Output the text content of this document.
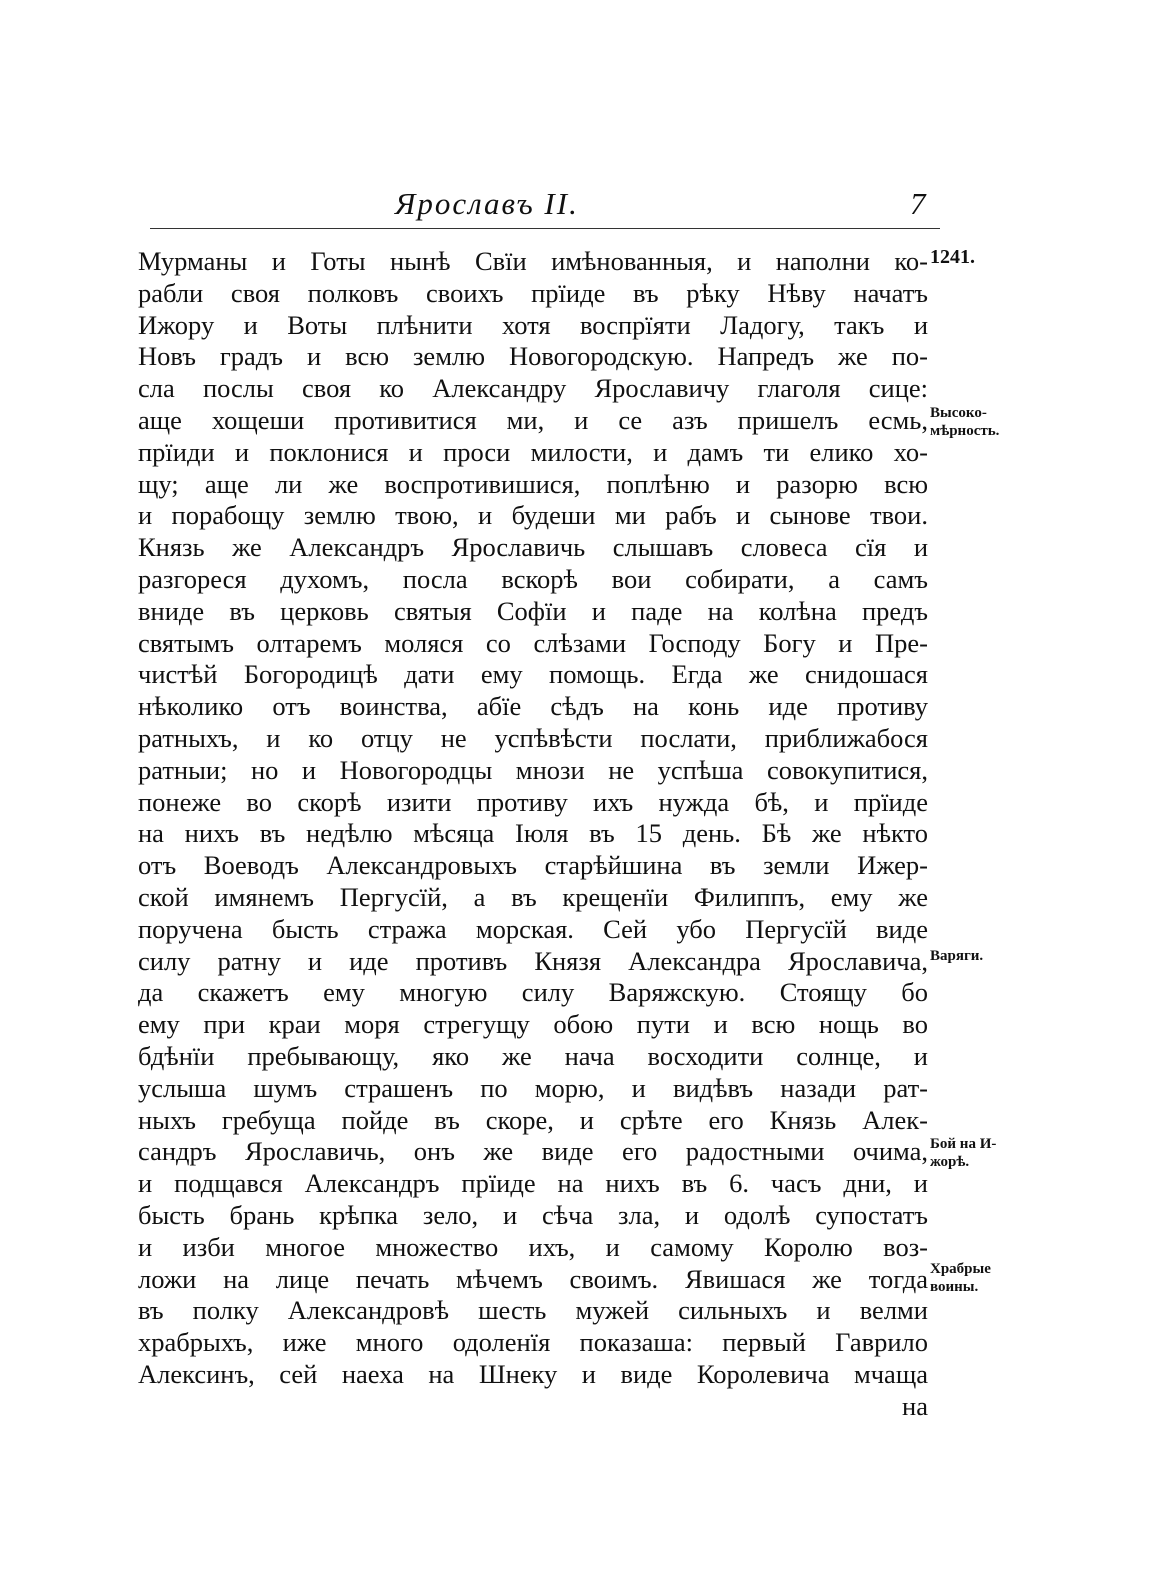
Ярославъ II.	7
Мурманы и Готы нынѣ Свïи имѣнованныя, и наполни ко-
рабли своя полковъ своихъ прïиде въ рѣку Нѣву начатъ
Ижору и Воты плѣнити хотя воспрïяти Ладогу, такъ и
Новъ градъ и всю землю Новогородскую. Напредъ же по-
сла послы своя ко Александру Ярославичу глаголя сице:
аще хощеши противитися ми, и се азъ пришелъ есмь,
прïиди и поклонися и проси милости, и дамъ ти елико хо-
щу; аще ли же воспротивишися, поплѣню и разорю всю
и порабощу землю твою, и будеши ми рабъ и сынове твои.
Князь же Александръ Ярославичь слышавъ словеса сïя и
разгореся духомъ, посла вскорѣ вои собирати, а самъ
вниде въ церковь святыя Софïи и паде на колѣна предъ
святымъ олтаремъ моляся со слѣзами Господу Богу и Пре-
чистѣй Богородицѣ дати ему помощь. Егда же снидошася
нѣколико отъ воинства, абïе сѣдъ на конь иде противу
ратныхъ, и ко отцу не успѣвѣсти послати, приближабося
ратныи; но и Новогородцы мнози не успѣша совокупитися,
понеже во скорѣ изити противу ихъ нужда бѣ, и прïиде
на нихъ въ недѣлю мѣсяца Iюля въ 15 день. Бѣ же нѣкто
отъ Воеводъ Александровыхъ старѣйшина въ земли Ижер-
ской имянемъ Пергусïй, а въ крещенïи Филиппъ, ему же
поручена бысть стража морская. Сей убо Пергусïй виде
силу ратну и иде противъ Князя Александра Ярославича,
да скажетъ ему многую силу Варяжскую. Стоящу бо
ему при краи моря стрегущу обою пути и всю нощь во
бдѣнïи пребывающу, яко же нача восходити солнце, и
услыша шумъ страшенъ по морю, и видѣвъ назади рат-
ныхъ гребуща пойде въ скоре, и срѣте его Князь Алек-
сандръ Ярославичь, онъ же виде его радостными очима,
и подщався Александръ прïиде на нихъ въ 6. часъ дни, и
бысть брань крѣпка зело, и сѣча зла, и одолѣ супостатъ
и изби многое множество ихъ, и самому Королю воз-
ложи на лице печать мѣчемъ своимъ. Явишася же тогда
въ полку Александровѣ шесть мужей сильныхъ и велми
храбрыхъ, иже много одоленïя показаша: первый Гаврило
Алексинъ, сей наеха на Шнеку и виде Королевича мчаща
на
1241.
Высоко-
мѣрность.
Варяги.
Бой на И-
жорѣ.
Храбрые
воины.
